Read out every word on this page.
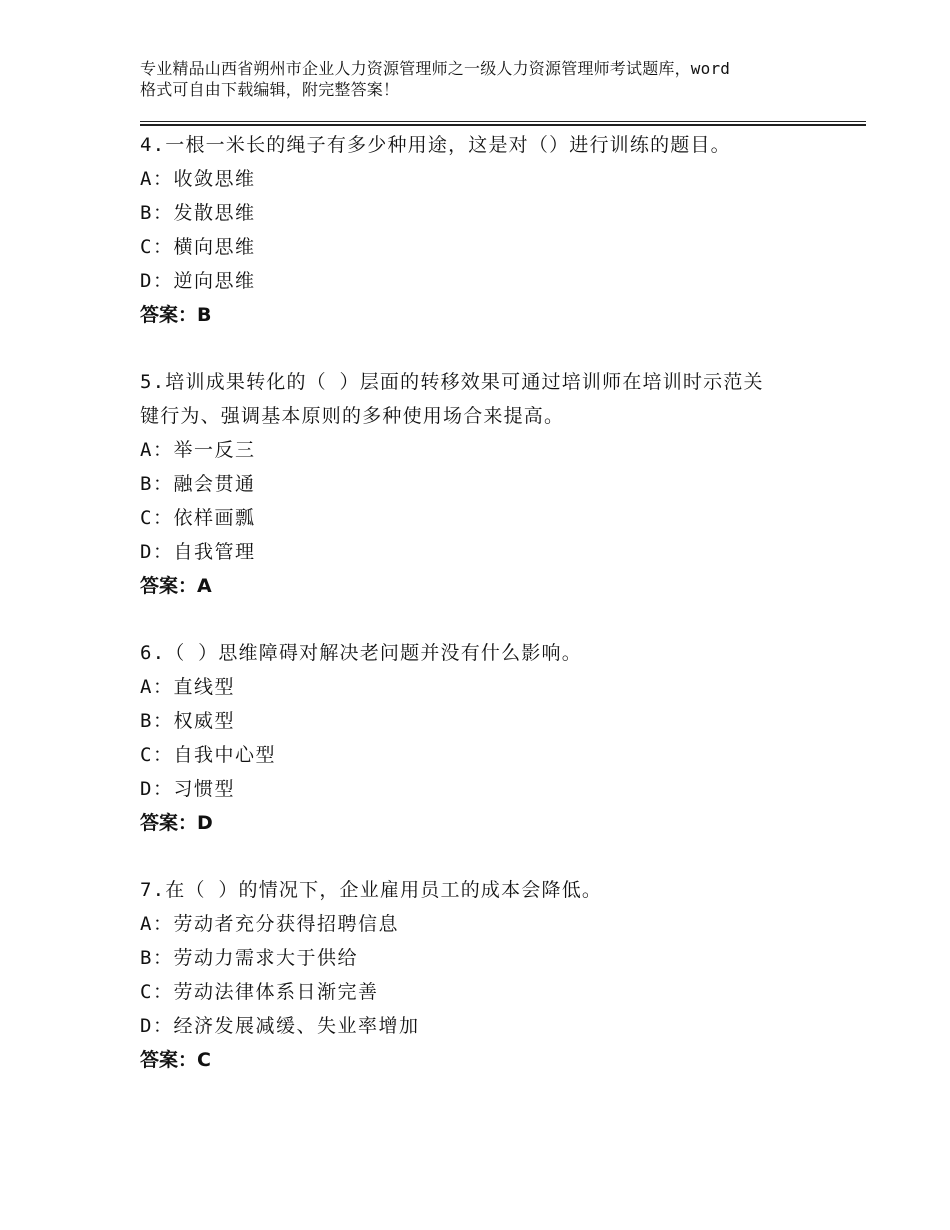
专业精品山西省朔州市企业人力资源管理师之一级人力资源管理师考试题库，word
格式可自由下载编辑，附完整答案！
4.一根一米长的绳子有多少种用途，这是对（）进行训练的题目。
A：收敛思维
B：发散思维
C：横向思维
D：逆向思维
答案：B
5.培训成果转化的（ ）层面的转移效果可通过培训师在培训时示范关
键行为、强调基本原则的多种使用场合来提高。
A：举一反三
B：融会贯通
C：依样画瓢
D：自我管理
答案：A
6.（ ）思维障碍对解决老问题并没有什么影响。
A：直线型
B：权威型
C：自我中心型
D：习惯型
答案：D
7.在（ ）的情况下，企业雇用员工的成本会降低。
A：劳动者充分获得招聘信息
B：劳动力需求大于供给
C：劳动法律体系日渐完善
D：经济发展减缓、失业率增加
答案：C
